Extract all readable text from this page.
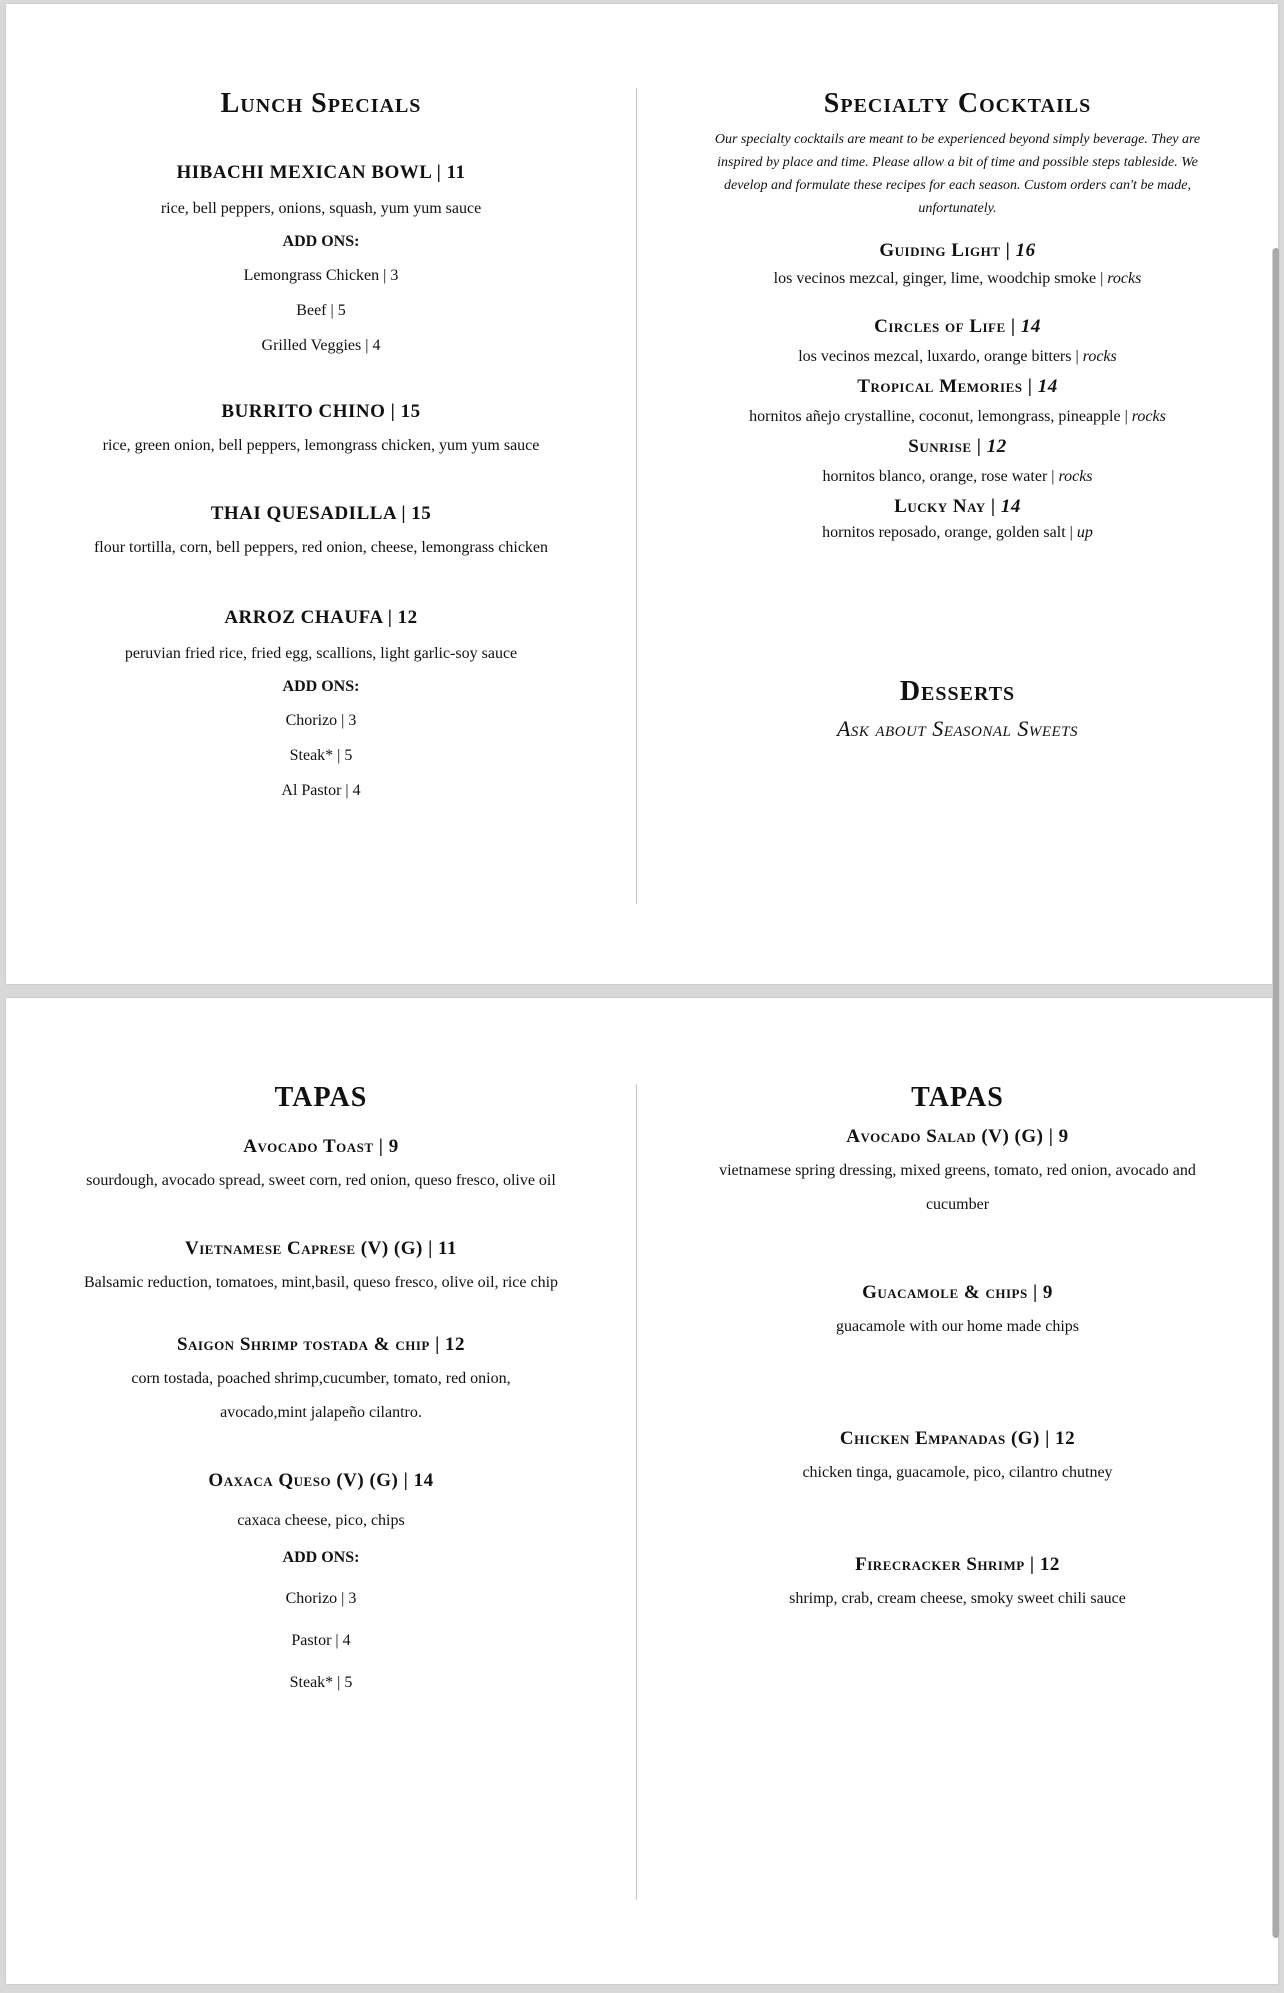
Lunch Specials
HIBACHI MEXICAN BOWL | 11
rice, bell peppers, onions, squash, yum yum sauce
ADD ONS:
Lemongrass Chicken | 3
Beef | 5
Grilled Veggies | 4
BURRITO CHINO | 15
rice, green onion, bell peppers, lemongrass chicken, yum yum sauce
THAI QUESADILLA | 15
flour tortilla, corn, bell peppers, red onion, cheese, lemongrass chicken
ARROZ CHAUFA | 12
peruvian fried rice, fried egg, scallions, light garlic-soy sauce
ADD ONS:
Chorizo | 3
Steak* | 5
Al Pastor | 4
Specialty Cocktails

Our specialty cocktails are meant to be experienced beyond simply beverage. They are inspired by place and time. Please allow a bit of time and possible steps tableside. We develop and formulate these recipes for each season. Custom orders can't be made, unfortunately.

Guiding Light | 16
los vecinos mezcal, ginger, lime, woodchip smoke | rocks
Circles of Life | 14
los vecinos mezcal, luxardo, orange bitters | rocks
Tropical Memories | 14
hornitos añejo crystalline, coconut, lemongrass, pineapple | rocks
Sunrise | 12
hornitos blanco, orange, rose water | rocks
Lucky Nay | 14
hornitos reposado, orange, golden salt | up
Desserts

Ask about Seasonal Sweets

TAPAS
Avocado Toast | 9
sourdough, avocado spread, sweet corn, red onion, queso fresco, olive oil
Vietnamese Caprese (V) (G) | 11
Balsamic reduction, tomatoes, mint,basil, queso fresco, olive oil, rice chip
Saigon Shrimp tostada & chip | 12
corn tostada, poached shrimp,cucumber, tomato, red onion, avocado,mint jalapeño cilantro.
Oaxaca Queso (V) (G) | 14
caxaca cheese, pico, chips
ADD ONS:
Chorizo | 3
Pastor | 4
Steak* | 5
TAPAS
Avocado Salad (V) (G) | 9
vietnamese spring dressing, mixed greens, tomato, red onion, avocado and cucumber
Guacamole & chips | 9
guacamole with our home made chips
Chicken Empanadas (G) | 12
chicken tinga, guacamole, pico, cilantro chutney
Firecracker Shrimp | 12
shrimp, crab, cream cheese, smoky sweet chili sauce
